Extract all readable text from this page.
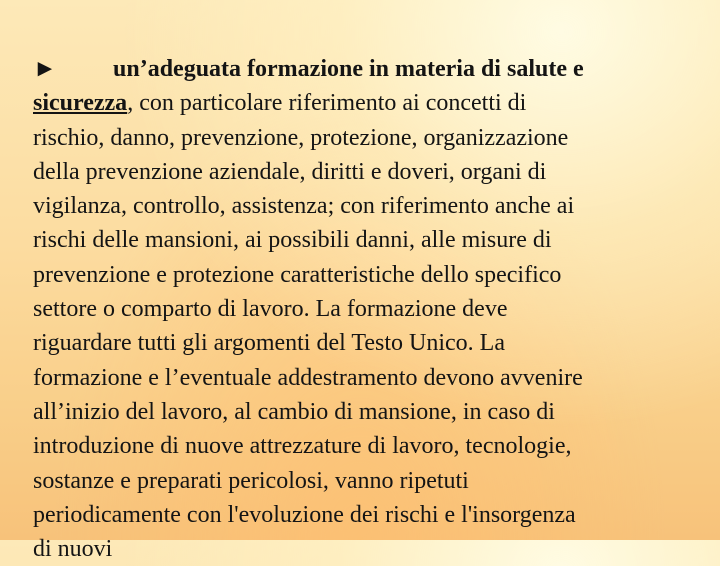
► un’adeguata formazione in materia di salute e
sicurezza, con particolare riferimento ai concetti di
rischio, danno, prevenzione, protezione, organizzazione
della prevenzione aziendale, diritti e doveri, organi di
vigilanza, controllo, assistenza; con riferimento anche ai
rischi delle mansioni, ai possibili danni, alle misure di
prevenzione e protezione caratteristiche dello specifico
settore o comparto di lavoro. La formazione deve
riguardare tutti gli argomenti del Testo Unico. La
formazione e l’eventuale addestramento devono avvenire
all’inizio del lavoro, al cambio di mansione, in caso di
introduzione di nuove attrezzature di lavoro, tecnologie,
sostanze e preparati pericolosi, vanno ripetuti
periodicamente con l'evoluzione dei rischi e l'insorgenza
di nuovi
